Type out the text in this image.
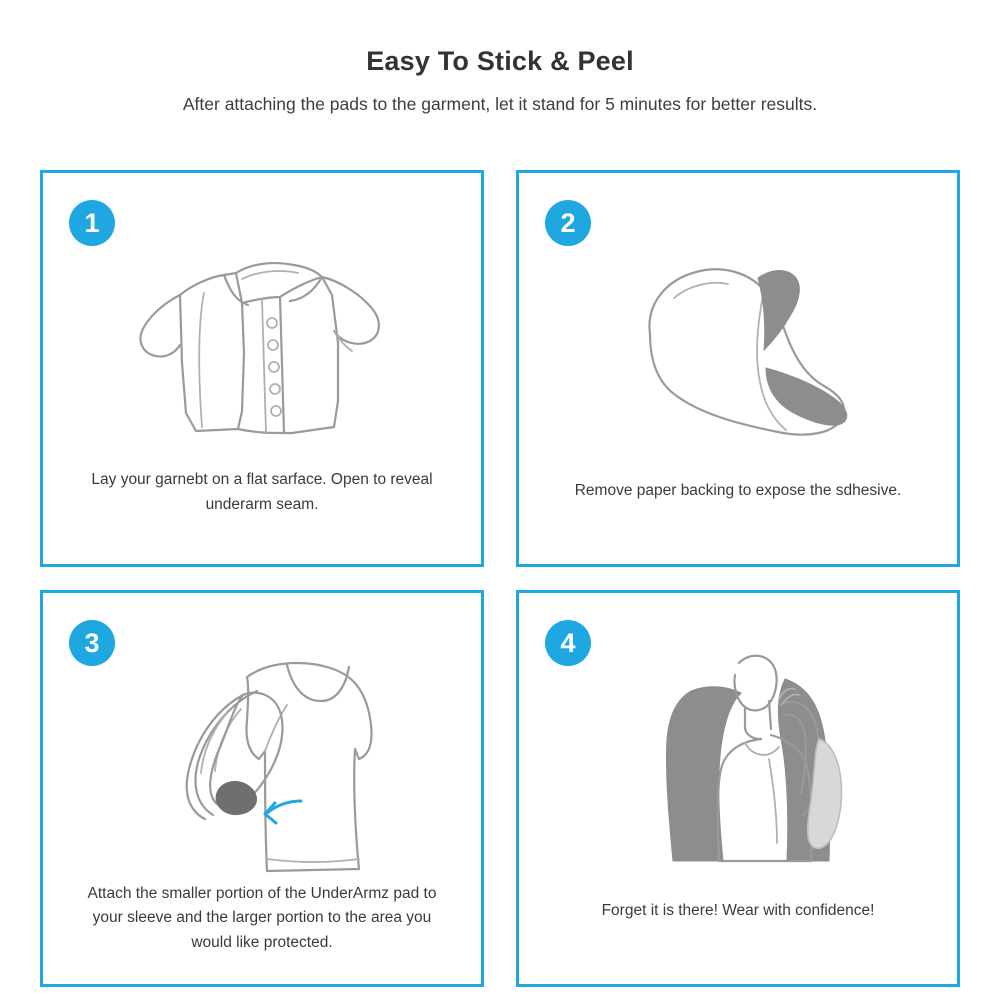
Easy To Stick & Peel

After attaching the pads to the garment, let it stand for 5 minutes for better results.

1
Lay your garnebt on a flat sarface. Open to reveal underarm seam.
2
Remove paper backing to expose the sdhesive.
3
Attach the smaller portion of the UnderArmz pad to your sleeve and the larger portion to the area you would like protected.
4
Forget it is there! Wear with confidence!
